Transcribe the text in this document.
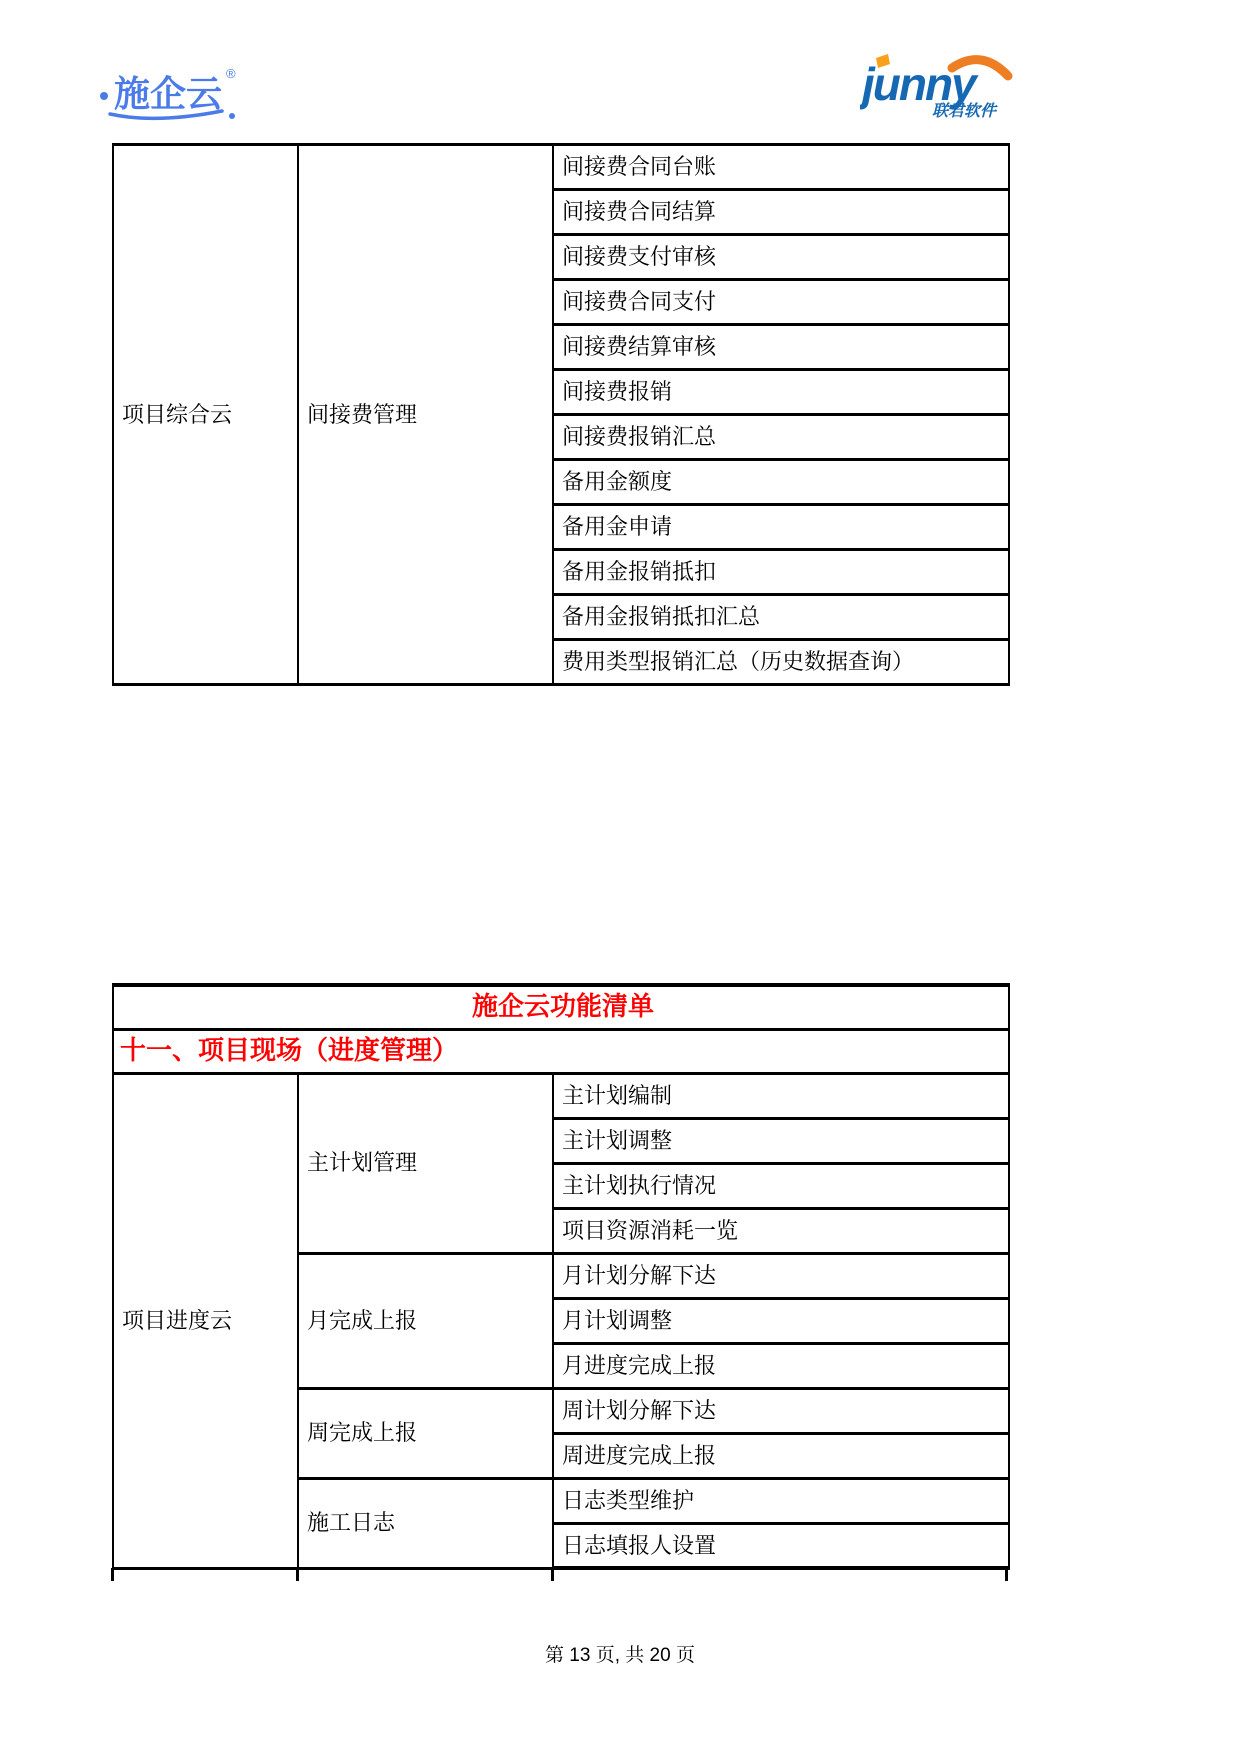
施企云 ®	junny
联君软件
项目综合云	间接费管理	间接费合同台账
间接费合同结算
间接费支付审核
间接费合同支付
间接费结算审核
间接费报销
间接费报销汇总
备用金额度
备用金申请
备用金报销抵扣
备用金报销抵扣汇总
费用类型报销汇总（历史数据查询）
施企云功能清单		
十一、项目现场（进度管理）		
项目进度云	主计划管理	主计划编制
		主计划调整
		主计划执行情况
		项目资源消耗一览
	月完成上报	月计划分解下达
		月计划调整
		月进度完成上报
	周完成上报	周计划分解下达
		周进度完成上报
	施工日志	日志类型维护
		日志填报人设置
第 13 页, 共 20 页
